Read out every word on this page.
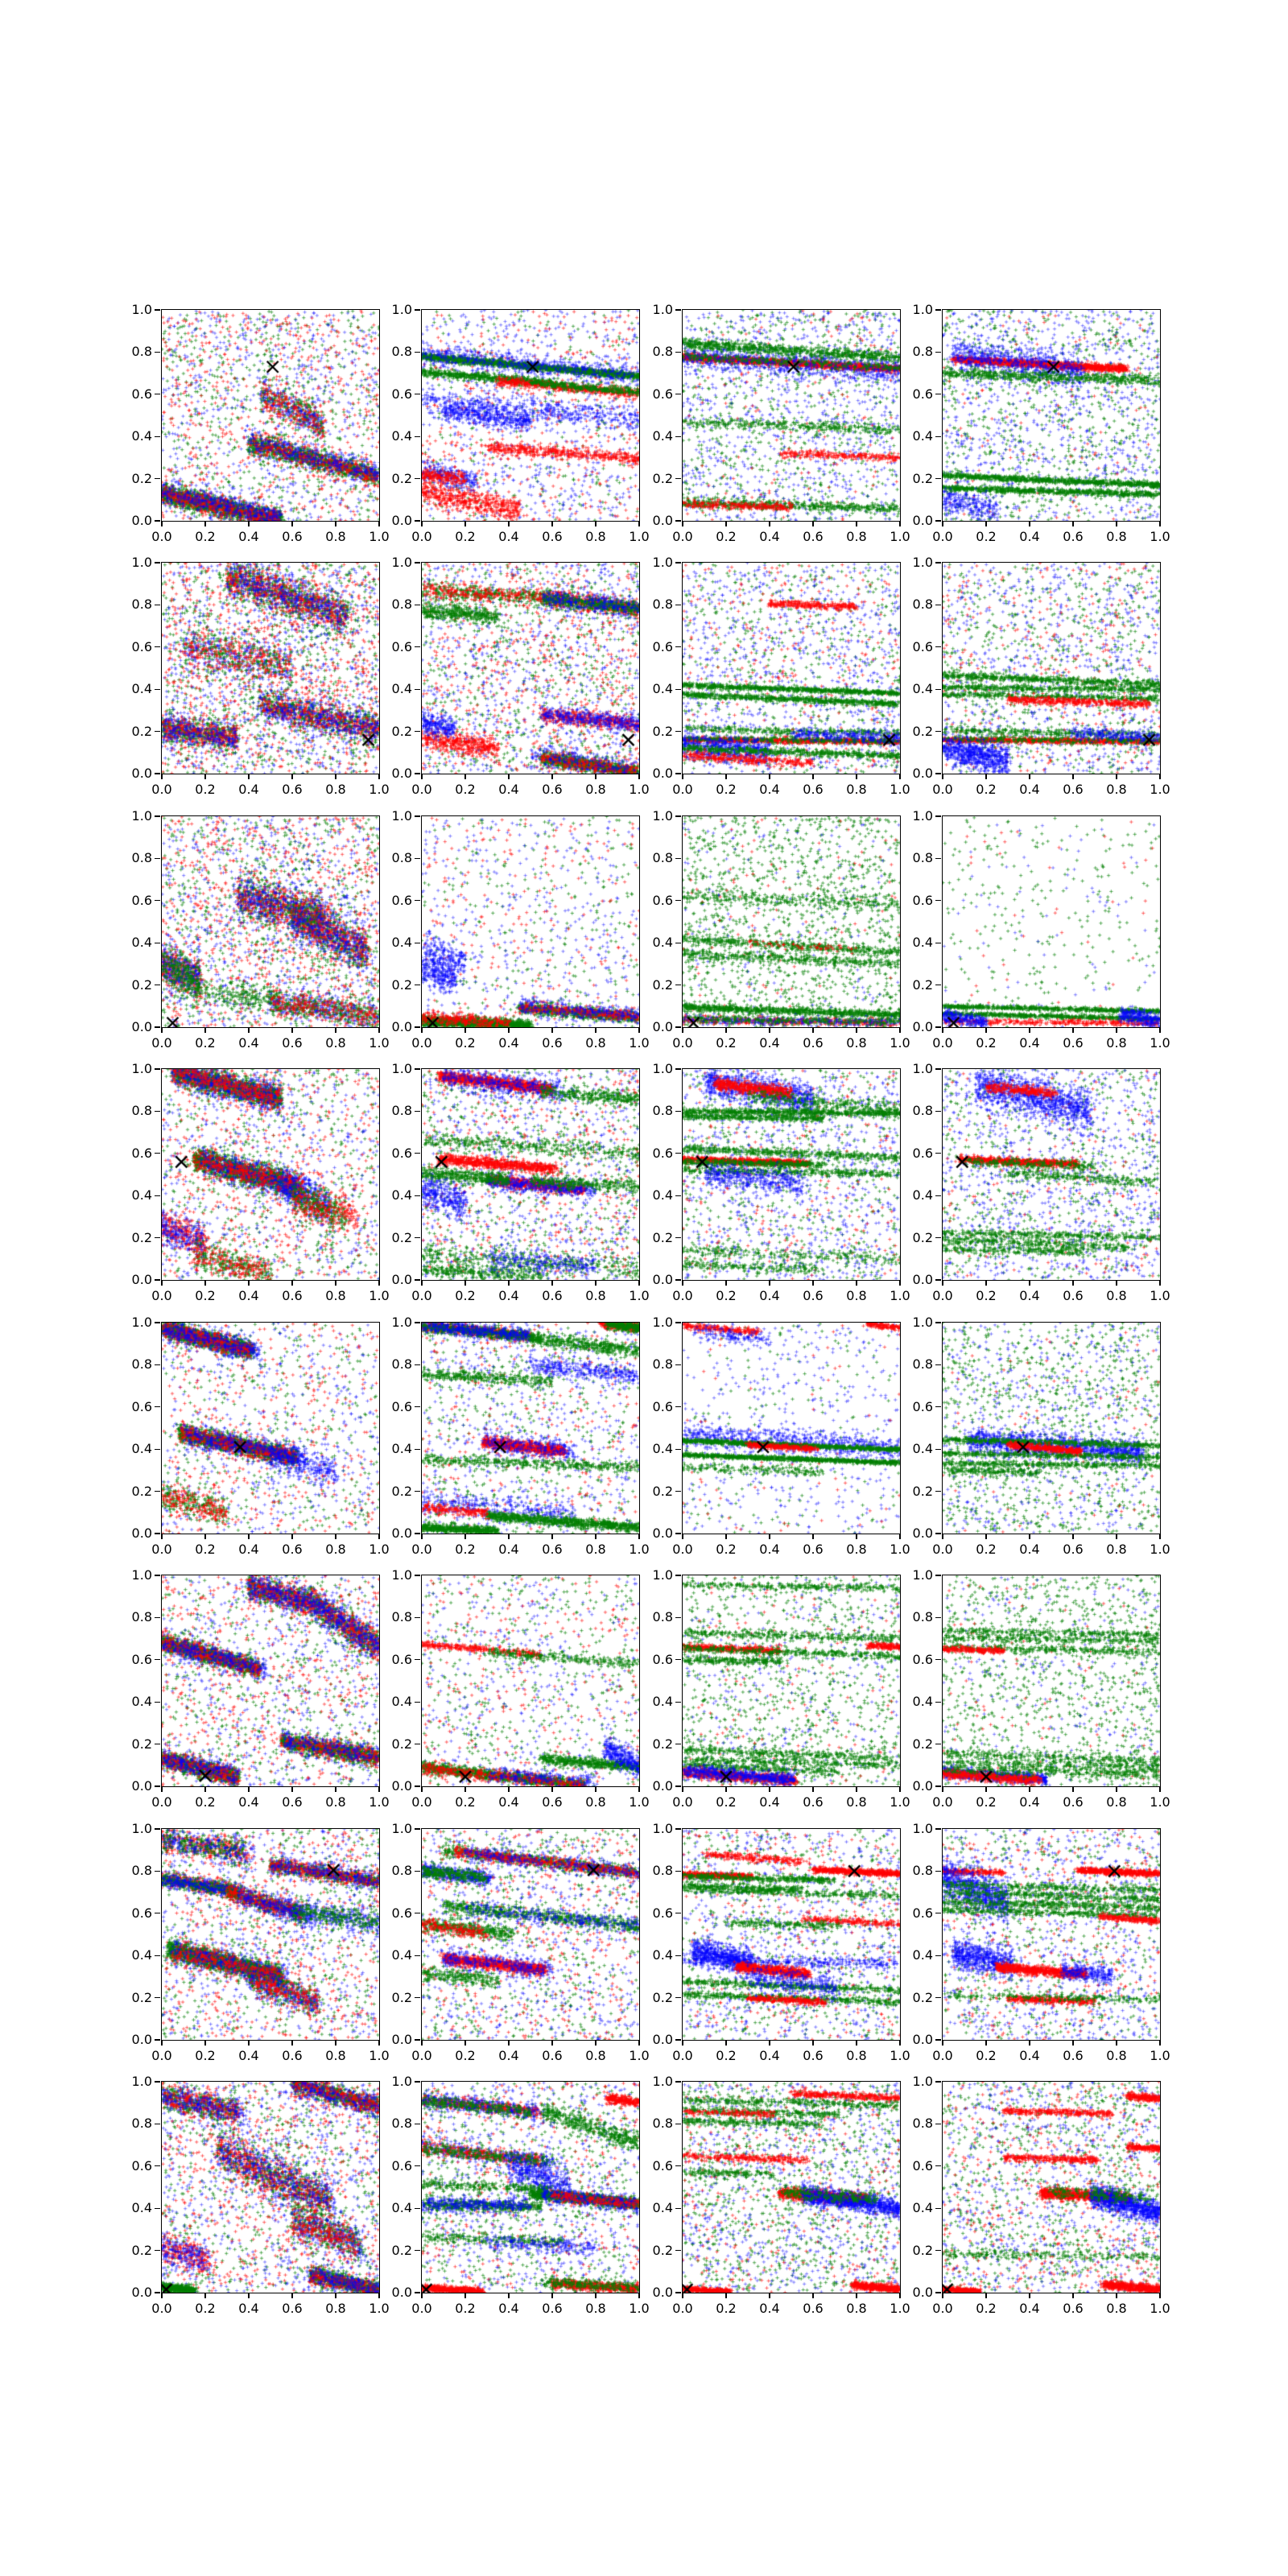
0.0 0.2 0.4 0.6 0.8 1.0
1.0
0.8
0.6
0.4
0.2
0.0
0.0 0.2 0.4 0.6 0.8 1.0
1.0
0.8
0.6
0.4
0.2
0.0
0.0 0.2 0.4 0.6 0.8 1.0
1.0
0.8
0.6
0.4
0.2
0.0
0.0 0.2 0.4 0.6 0.8 1.0
1.0
0.8
0.6
0.4
0.2
0.0
0.0 0.2 0.4 0.6 0.8 1.0
1.0
0.8
0.6
0.4
0.2
0.0
0.0 0.2 0.4 0.6 0.8 1.0
1.0
0.8
0.6
0.4
0.2
0.0
0.0 0.2 0.4 0.6 0.8 1.0
1.0
0.8
0.6
0.4
0.2
0.0
0.0 0.2 0.4 0.6 0.8 1.0
1.0
0.8
0.6
0.4
0.2
0.0
0.0 0.2 0.4 0.6 0.8 1.0
1.0
0.8
0.6
0.4
0.2
0.0
0.0 0.2 0.4 0.6 0.8 1.0
1.0
0.8
0.6
0.4
0.2
0.0
0.0 0.2 0.4 0.6 0.8 1.0
1.0
0.8
0.6
0.4
0.2
0.0
0.0 0.2 0.4 0.6 0.8 1.0
1.0
0.8
0.6
0.4
0.2
0.0
0.0 0.2 0.4 0.6 0.8 1.0
1.0
0.8
0.6
0.4
0.2
0.0
0.0 0.2 0.4 0.6 0.8 1.0
1.0
0.8
0.6
0.4
0.2
0.0
0.0 0.2 0.4 0.6 0.8 1.0
1.0
0.8
0.6
0.4
0.2
0.0
0.0 0.2 0.4 0.6 0.8 1.0
1.0
0.8
0.6
0.4
0.2
0.0
0.0 0.2 0.4 0.6 0.8 1.0
1.0
0.8
0.6
0.4
0.2
0.0
0.0 0.2 0.4 0.6 0.8 1.0
1.0
0.8
0.6
0.4
0.2
0.0
0.0 0.2 0.4 0.6 0.8 1.0
1.0
0.8
0.6
0.4
0.2
0.0
0.0 0.2 0.4 0.6 0.8 1.0
1.0
0.8
0.6
0.4
0.2
0.0
0.0 0.2 0.4 0.6 0.8 1.0
1.0
0.8
0.6
0.4
0.2
0.0
0.0 0.2 0.4 0.6 0.8 1.0
1.0
0.8
0.6
0.4
0.2
0.0
0.0 0.2 0.4 0.6 0.8 1.0
1.0
0.8
0.6
0.4
0.2
0.0
0.0 0.2 0.4 0.6 0.8 1.0
1.0
0.8
0.6
0.4
0.2
0.0
0.0 0.2 0.4 0.6 0.8 1.0
1.0
0.8
0.6
0.4
0.2
0.0
0.0 0.2 0.4 0.6 0.8 1.0
1.0
0.8
0.6
0.4
0.2
0.0
0.0 0.2 0.4 0.6 0.8 1.0
1.0
0.8
0.6
0.4
0.2
0.0
0.0 0.2 0.4 0.6 0.8 1.0
1.0
0.8
0.6
0.4
0.2
0.0
0.0 0.2 0.4 0.6 0.8 1.0
1.0
0.8
0.6
0.4
0.2
0.0
0.0 0.2 0.4 0.6 0.8 1.0
1.0
0.8
0.6
0.4
0.2
0.0
0.0 0.2 0.4 0.6 0.8 1.0
1.0
0.8
0.6
0.4
0.2
0.0
0.0 0.2 0.4 0.6 0.8 1.0
1.0
0.8
0.6
0.4
0.2
0.0
